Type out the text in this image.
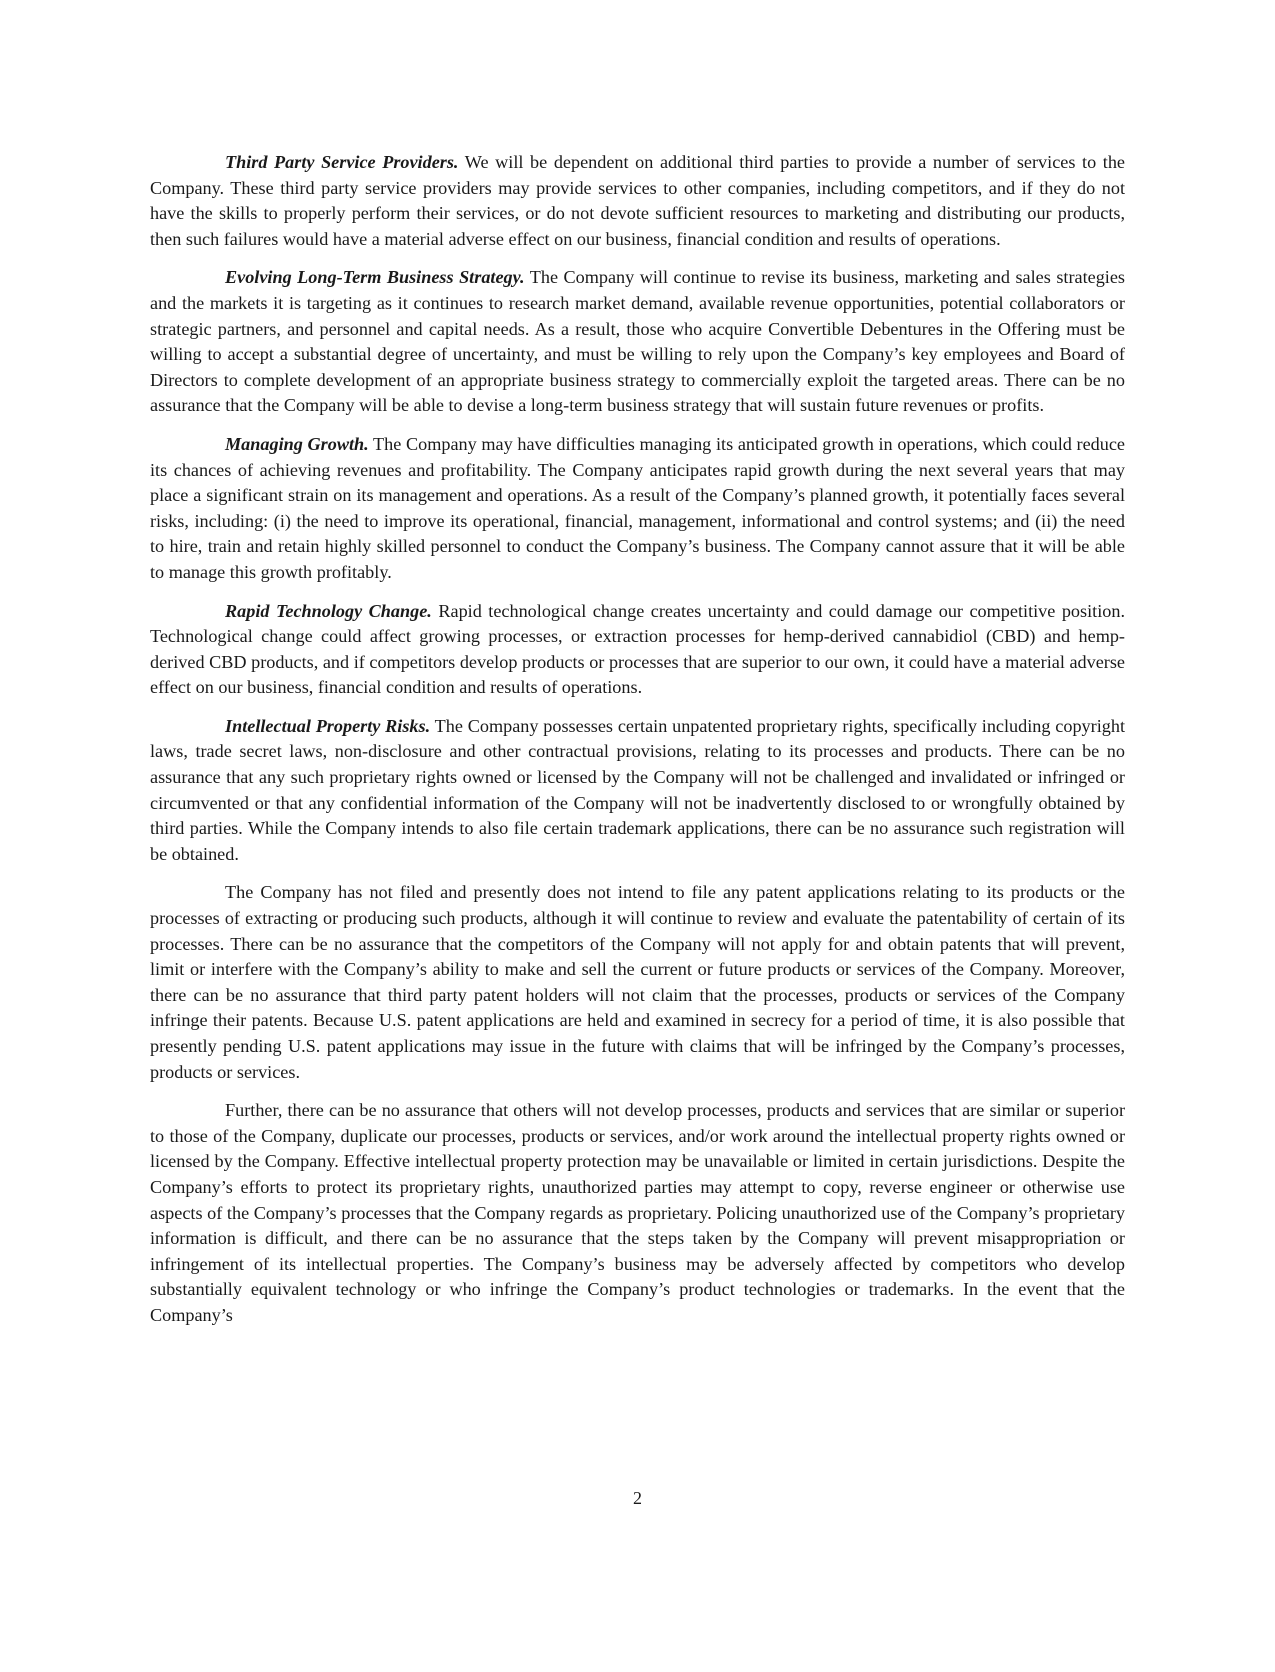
Third Party Service Providers. We will be dependent on additional third parties to provide a number of services to the Company. These third party service providers may provide services to other companies, including competitors, and if they do not have the skills to properly perform their services, or do not devote sufficient resources to marketing and distributing our products, then such failures would have a material adverse effect on our business, financial condition and results of operations.

Evolving Long-Term Business Strategy. The Company will continue to revise its business, marketing and sales strategies and the markets it is targeting as it continues to research market demand, available revenue opportunities, potential collaborators or strategic partners, and personnel and capital needs. As a result, those who acquire Convertible Debentures in the Offering must be willing to accept a substantial degree of uncertainty, and must be willing to rely upon the Company’s key employees and Board of Directors to complete development of an appropriate business strategy to commercially exploit the targeted areas. There can be no assurance that the Company will be able to devise a long-term business strategy that will sustain future revenues or profits.

Managing Growth. The Company may have difficulties managing its anticipated growth in operations, which could reduce its chances of achieving revenues and profitability. The Company anticipates rapid growth during the next several years that may place a significant strain on its management and operations. As a result of the Company’s planned growth, it potentially faces several risks, including: (i) the need to improve its operational, financial, management, informational and control systems; and (ii) the need to hire, train and retain highly skilled personnel to conduct the Company’s business. The Company cannot assure that it will be able to manage this growth profitably.

Rapid Technology Change. Rapid technological change creates uncertainty and could damage our competitive position. Technological change could affect growing processes, or extraction processes for hemp-derived cannabidiol (CBD) and hemp-derived CBD products, and if competitors develop products or processes that are superior to our own, it could have a material adverse effect on our business, financial condition and results of operations.

Intellectual Property Risks. The Company possesses certain unpatented proprietary rights, specifically including copyright laws, trade secret laws, non-disclosure and other contractual provisions, relating to its processes and products. There can be no assurance that any such proprietary rights owned or licensed by the Company will not be challenged and invalidated or infringed or circumvented or that any confidential information of the Company will not be inadvertently disclosed to or wrongfully obtained by third parties. While the Company intends to also file certain trademark applications, there can be no assurance such registration will be obtained.

The Company has not filed and presently does not intend to file any patent applications relating to its products or the processes of extracting or producing such products, although it will continue to review and evaluate the patentability of certain of its processes. There can be no assurance that the competitors of the Company will not apply for and obtain patents that will prevent, limit or interfere with the Company’s ability to make and sell the current or future products or services of the Company. Moreover, there can be no assurance that third party patent holders will not claim that the processes, products or services of the Company infringe their patents. Because U.S. patent applications are held and examined in secrecy for a period of time, it is also possible that presently pending U.S. patent applications may issue in the future with claims that will be infringed by the Company’s processes, products or services.

Further, there can be no assurance that others will not develop processes, products and services that are similar or superior to those of the Company, duplicate our processes, products or services, and/or work around the intellectual property rights owned or licensed by the Company. Effective intellectual property protection may be unavailable or limited in certain jurisdictions. Despite the Company’s efforts to protect its proprietary rights, unauthorized parties may attempt to copy, reverse engineer or otherwise use aspects of the Company’s processes that the Company regards as proprietary. Policing unauthorized use of the Company’s proprietary information is difficult, and there can be no assurance that the steps taken by the Company will prevent misappropriation or infringement of its intellectual properties. The Company’s business may be adversely affected by competitors who develop substantially equivalent technology or who infringe the Company’s product technologies or trademarks. In the event that the Company’s

2
